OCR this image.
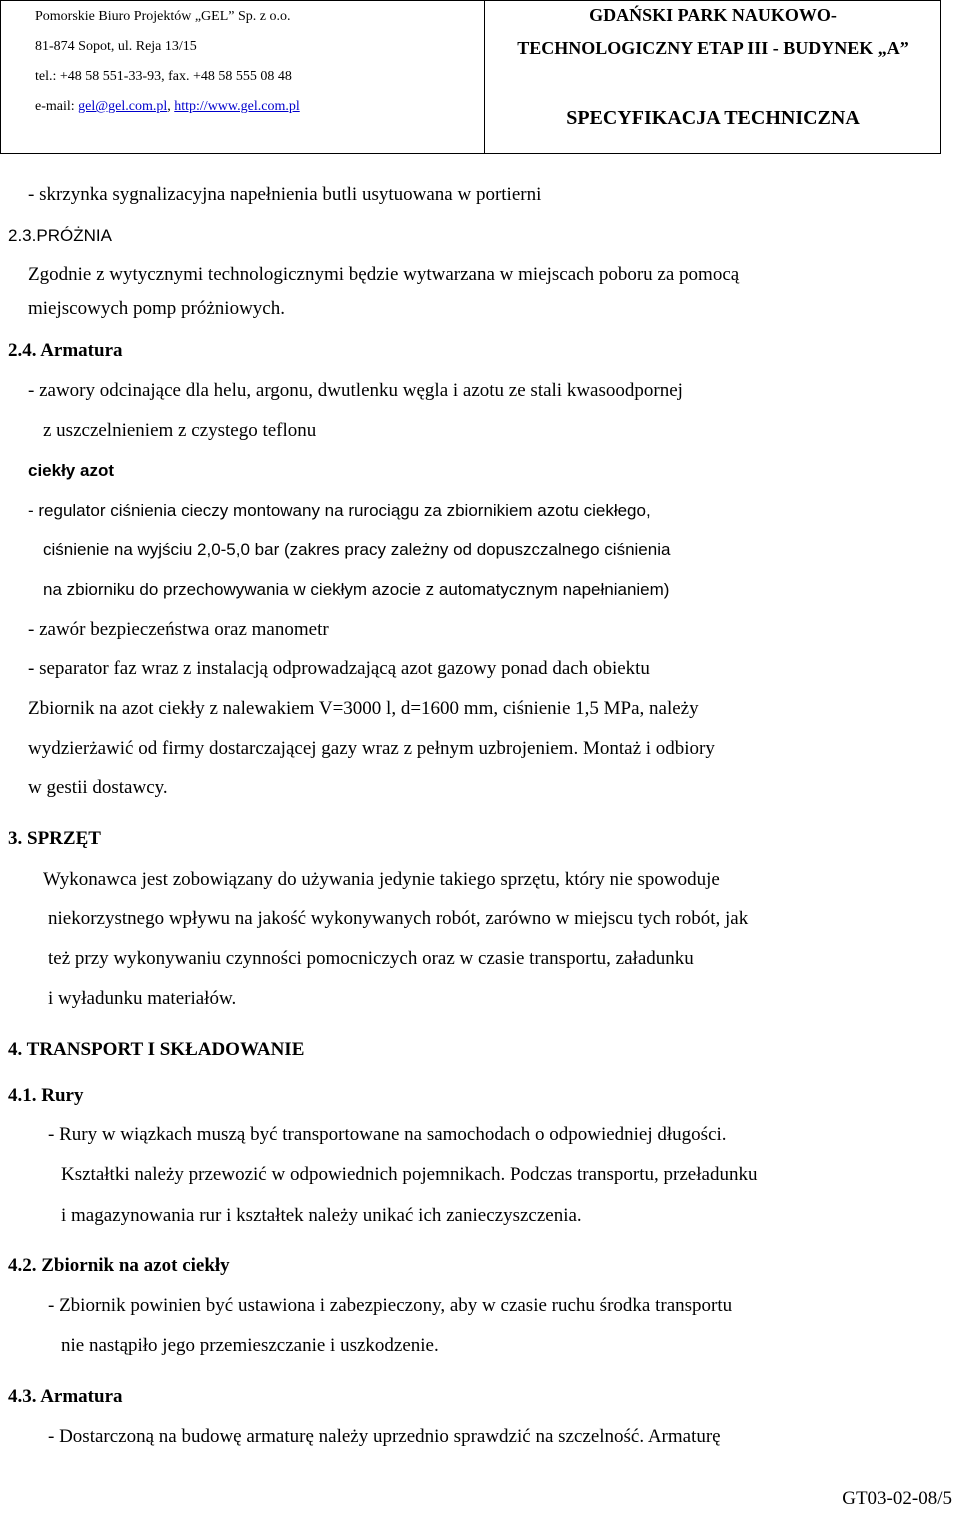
Pomorskie Biuro Projektów „GEL” Sp. z o.o.
81-874 Sopot, ul. Reja 13/15
tel.: +48 58 551-33-93, fax. +48 58 555 08 48
e-mail: gel@gel.com.pl, http://www.gel.com.pl
GDAŃSKI PARK NAUKOWO-
TECHNOLOGICZNY ETAP III - BUDYNEK „A”
SPECYFIKACJA TECHNICZNA
- skrzynka sygnalizacyjna napełnienia butli usytuowana w portierni
2.3.PRÓŻNIA
Zgodnie z wytycznymi technologicznymi będzie wytwarzana w miejscach poboru za pomocą
miejscowych pomp próżniowych.
2.4. Armatura
- zawory odcinające dla helu, argonu, dwutlenku węgla i azotu ze stali kwasoodpornej
z uszczelnieniem z czystego teflonu
ciekły azot
- regulator ciśnienia cieczy montowany na rurociągu za zbiornikiem azotu ciekłego,
ciśnienie na wyjściu 2,0-5,0 bar (zakres pracy zależny od dopuszczalnego ciśnienia
na zbiorniku do przechowywania w ciekłym azocie z automatycznym napełnianiem)
- zawór bezpieczeństwa oraz manometr
- separator faz wraz z instalacją odprowadzającą azot gazowy ponad dach obiektu
Zbiornik na azot ciekły z nalewakiem V=3000 l, d=1600 mm, ciśnienie 1,5 MPa, należy
wydzierżawić od firmy dostarczającej gazy wraz z pełnym uzbrojeniem. Montaż i odbiory
w gestii dostawcy.
3. SPRZĘT
Wykonawca jest zobowiązany do używania jedynie takiego sprzętu, który nie spowoduje
niekorzystnego wpływu na jakość wykonywanych robót, zarówno w miejscu tych robót, jak
też przy wykonywaniu czynności pomocniczych oraz w czasie transportu, załadunku
i wyładunku materiałów.
4. TRANSPORT I SKŁADOWANIE
4.1. Rury
- Rury w wiązkach muszą być transportowane na samochodach o odpowiedniej długości.
Kształtki należy przewozić w odpowiednich pojemnikach. Podczas transportu, przeładunku
i magazynowania rur i kształtek należy unikać ich zanieczyszczenia.
4.2. Zbiornik na azot ciekły
- Zbiornik powinien być ustawiona i zabezpieczony, aby w czasie ruchu środka transportu
nie nastąpiło jego przemieszczanie i uszkodzenie.
4.3. Armatura
- Dostarczoną na budowę armaturę należy uprzednio sprawdzić na szczelność. Armaturę
GT03-02-08/5
